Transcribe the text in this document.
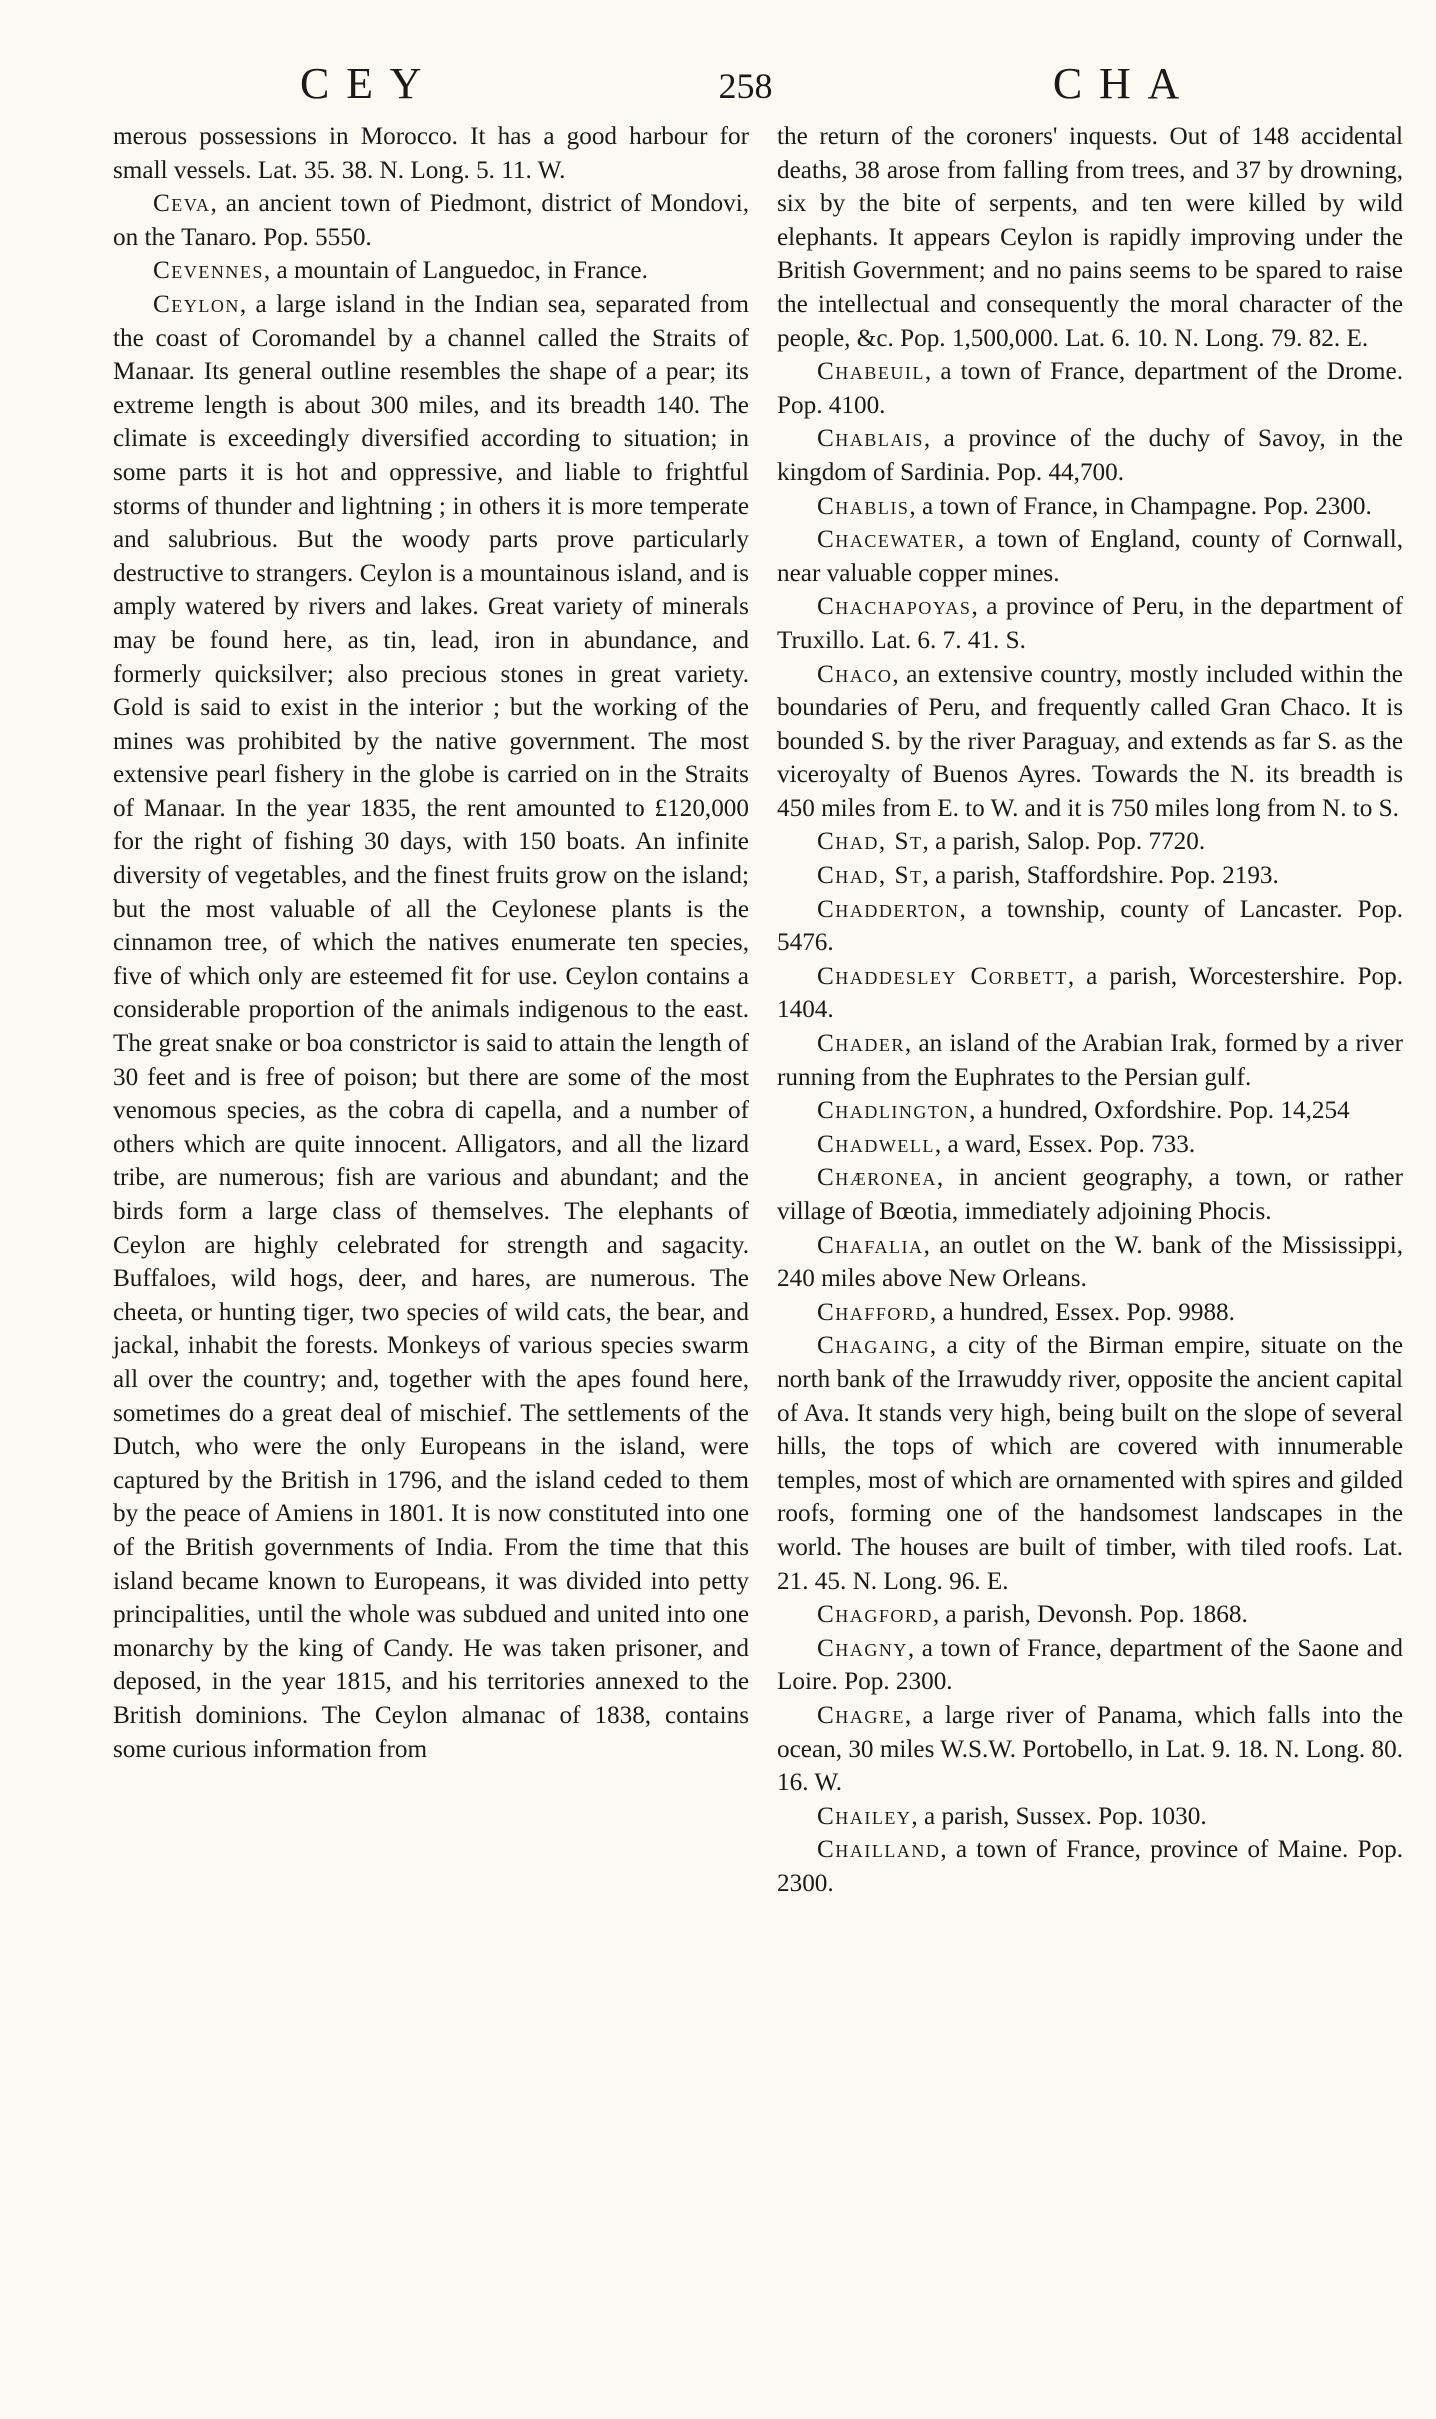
CEY	258	CHA

merous possessions in Morocco. It has a good harbour for small vessels. Lat. 35. 38. N. Long. 5. 11. W.

Ceva, an ancient town of Piedmont, district of Mondovi, on the Tanaro. Pop. 5550.

Cevennes, a mountain of Languedoc, in France.

Ceylon, a large island in the Indian sea, separated from the coast of Coromandel by a channel called the Straits of Manaar. Its general outline resembles the shape of a pear; its extreme length is about 300 miles, and its breadth 140. The climate is exceedingly diversified according to situation; in some parts it is hot and oppressive, and liable to frightful storms of thunder and lightning ; in others it is more temperate and salubrious. But the woody parts prove particularly destructive to strangers. Ceylon is a mountainous island, and is amply watered by rivers and lakes. Great variety of minerals may be found here, as tin, lead, iron in abundance, and formerly quicksilver; also precious stones in great variety. Gold is said to exist in the interior ; but the working of the mines was prohibited by the native government. The most extensive pearl fishery in the globe is carried on in the Straits of Manaar. In the year 1835, the rent amounted to £120,000 for the right of fishing 30 days, with 150 boats. An infinite diversity of vegetables, and the finest fruits grow on the island; but the most valuable of all the Ceylonese plants is the cinnamon tree, of which the natives enumerate ten species, five of which only are esteemed fit for use. Ceylon contains a considerable proportion of the animals indigenous to the east. The great snake or boa constrictor is said to attain the length of 30 feet and is free of poison; but there are some of the most venomous species, as the cobra di capella, and a number of others which are quite innocent. Alligators, and all the lizard tribe, are numerous; fish are various and abundant; and the birds form a large class of themselves. The elephants of Ceylon are highly celebrated for strength and sagacity. Buffaloes, wild hogs, deer, and hares, are numerous. The cheeta, or hunting tiger, two species of wild cats, the bear, and jackal, inhabit the forests. Monkeys of various species swarm all over the country; and, together with the apes found here, sometimes do a great deal of mischief. The settlements of the Dutch, who were the only Europeans in the island, were captured by the British in 1796, and the island ceded to them by the peace of Amiens in 1801. It is now constituted into one of the British governments of India. From the time that this island became known to Europeans, it was divided into petty principalities, until the whole was subdued and united into one monarchy by the king of Candy. He was taken prisoner, and deposed, in the year 1815, and his territories annexed to the British dominions. The Ceylon almanac of 1838, contains some curious information from

the return of the coroners' inquests. Out of 148 accidental deaths, 38 arose from falling from trees, and 37 by drowning, six by the bite of serpents, and ten were killed by wild elephants. It appears Ceylon is rapidly improving under the British Government; and no pains seems to be spared to raise the intellectual and consequently the moral character of the people, &c. Pop. 1,500,000. Lat. 6. 10. N. Long. 79. 82. E.

Chabeuil, a town of France, department of the Drome. Pop. 4100.

Chablais, a province of the duchy of Savoy, in the kingdom of Sardinia. Pop. 44,700.

Chablis, a town of France, in Champagne. Pop. 2300.

Chacewater, a town of England, county of Cornwall, near valuable copper mines.

Chachapoyas, a province of Peru, in the department of Truxillo. Lat. 6. 7. 41. S.

Chaco, an extensive country, mostly included within the boundaries of Peru, and frequently called Gran Chaco. It is bounded S. by the river Paraguay, and extends as far S. as the viceroyalty of Buenos Ayres. Towards the N. its breadth is 450 miles from E. to W. and it is 750 miles long from N. to S.

Chad, St, a parish, Salop. Pop. 7720.

Chad, St, a parish, Staffordshire. Pop. 2193.

Chadderton, a township, county of Lancaster. Pop. 5476.

Chaddesley Corbett, a parish, Worcestershire. Pop. 1404.

Chader, an island of the Arabian Irak, formed by a river running from the Euphrates to the Persian gulf.

Chadlington, a hundred, Oxfordshire. Pop. 14,254

Chadwell, a ward, Essex. Pop. 733.

Chæronea, in ancient geography, a town, or rather village of Bœotia, immediately adjoining Phocis.

Chafalia, an outlet on the W. bank of the Mississippi, 240 miles above New Orleans.

Chafford, a hundred, Essex. Pop. 9988.

Chagaing, a city of the Birman empire, situate on the north bank of the Irrawuddy river, opposite the ancient capital of Ava. It stands very high, being built on the slope of several hills, the tops of which are covered with innumerable temples, most of which are ornamented with spires and gilded roofs, forming one of the handsomest landscapes in the world. The houses are built of timber, with tiled roofs. Lat. 21. 45. N. Long. 96. E.

Chagford, a parish, Devonsh. Pop. 1868.

Chagny, a town of France, department of the Saone and Loire. Pop. 2300.

Chagre, a large river of Panama, which falls into the ocean, 30 miles W.S.W. Portobello, in Lat. 9. 18. N. Long. 80. 16. W.

Chailey, a parish, Sussex. Pop. 1030.

Chailland, a town of France, province of Maine. Pop. 2300.
